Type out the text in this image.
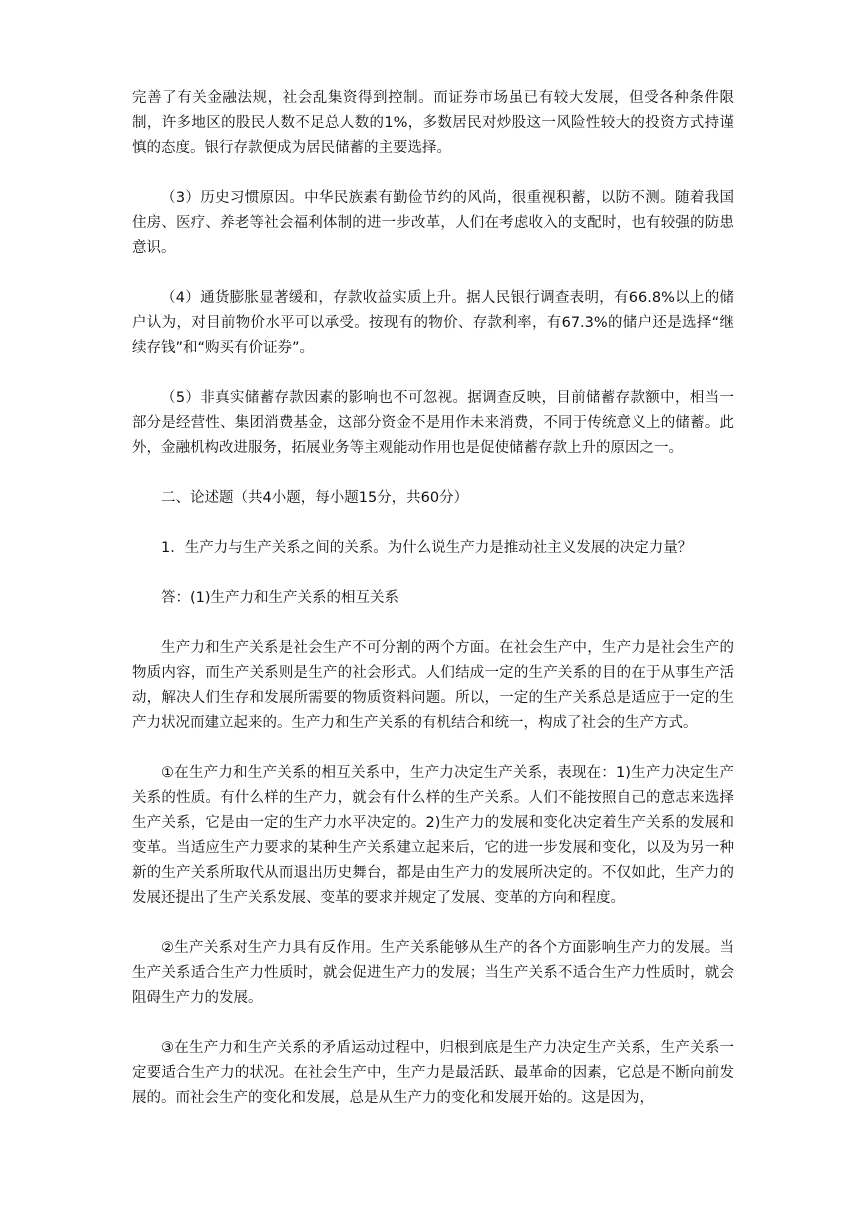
完善了有关金融法规，社会乱集资得到控制。而证券市场虽已有较大发展，但受各种条件限制，许多地区的股民人数不足总人数的1%，多数居民对炒股这一风险性较大的投资方式持谨慎的态度。银行存款便成为居民储蓄的主要选择。

（3）历史习惯原因。中华民族素有勤俭节约的风尚，很重视积蓄，以防不测。随着我国住房、医疗、养老等社会福利体制的进一步改革，人们在考虑收入的支配时，也有较强的防患意识。

（4）通货膨胀显著缓和，存款收益实质上升。据人民银行调查表明，有66.8%以上的储户认为，对目前物价水平可以承受。按现有的物价、存款利率，有67.3%的储户还是选择“继续存钱”和“购买有价证券”。

（5）非真实储蓄存款因素的影响也不可忽视。据调查反映，目前储蓄存款额中，相当一部分是经营性、集团消费基金，这部分资金不是用作未来消费，不同于传统意义上的储蓄。此外，金融机构改进服务，拓展业务等主观能动作用也是促使储蓄存款上升的原因之一。

二、论述题（共4小题，每小题15分，共60分）

1．生产力与生产关系之间的关系。为什么说生产力是推动社主义发展的决定力量？

答：(1)生产力和生产关系的相互关系

生产力和生产关系是社会生产不可分割的两个方面。在社会生产中，生产力是社会生产的物质内容，而生产关系则是生产的社会形式。人们结成一定的生产关系的目的在于从事生产活动，解决人们生存和发展所需要的物质资料问题。所以，一定的生产关系总是适应于一定的生产力状况而建立起来的。生产力和生产关系的有机结合和统一，构成了社会的生产方式。

①在生产力和生产关系的相互关系中，生产力决定生产关系，表现在：1)生产力决定生产关系的性质。有什么样的生产力，就会有什么样的生产关系。人们不能按照自己的意志来选择生产关系，它是由一定的生产力水平决定的。2)生产力的发展和变化决定着生产关系的发展和变革。当适应生产力要求的某种生产关系建立起来后，它的进一步发展和变化，以及为另一种新的生产关系所取代从而退出历史舞台，都是由生产力的发展所决定的。不仅如此，生产力的发展还提出了生产关系发展、变革的要求并规定了发展、变革的方向和程度。

②生产关系对生产力具有反作用。生产关系能够从生产的各个方面影响生产力的发展。当生产关系适合生产力性质时，就会促进生产力的发展；当生产关系不适合生产力性质时，就会阻碍生产力的发展。

③在生产力和生产关系的矛盾运动过程中，归根到底是生产力决定生产关系，生产关系一定要适合生产力的状况。在社会生产中，生产力是最活跃、最革命的因素，它总是不断向前发展的。而社会生产的变化和发展，总是从生产力的变化和发展开始的。这是因为，
